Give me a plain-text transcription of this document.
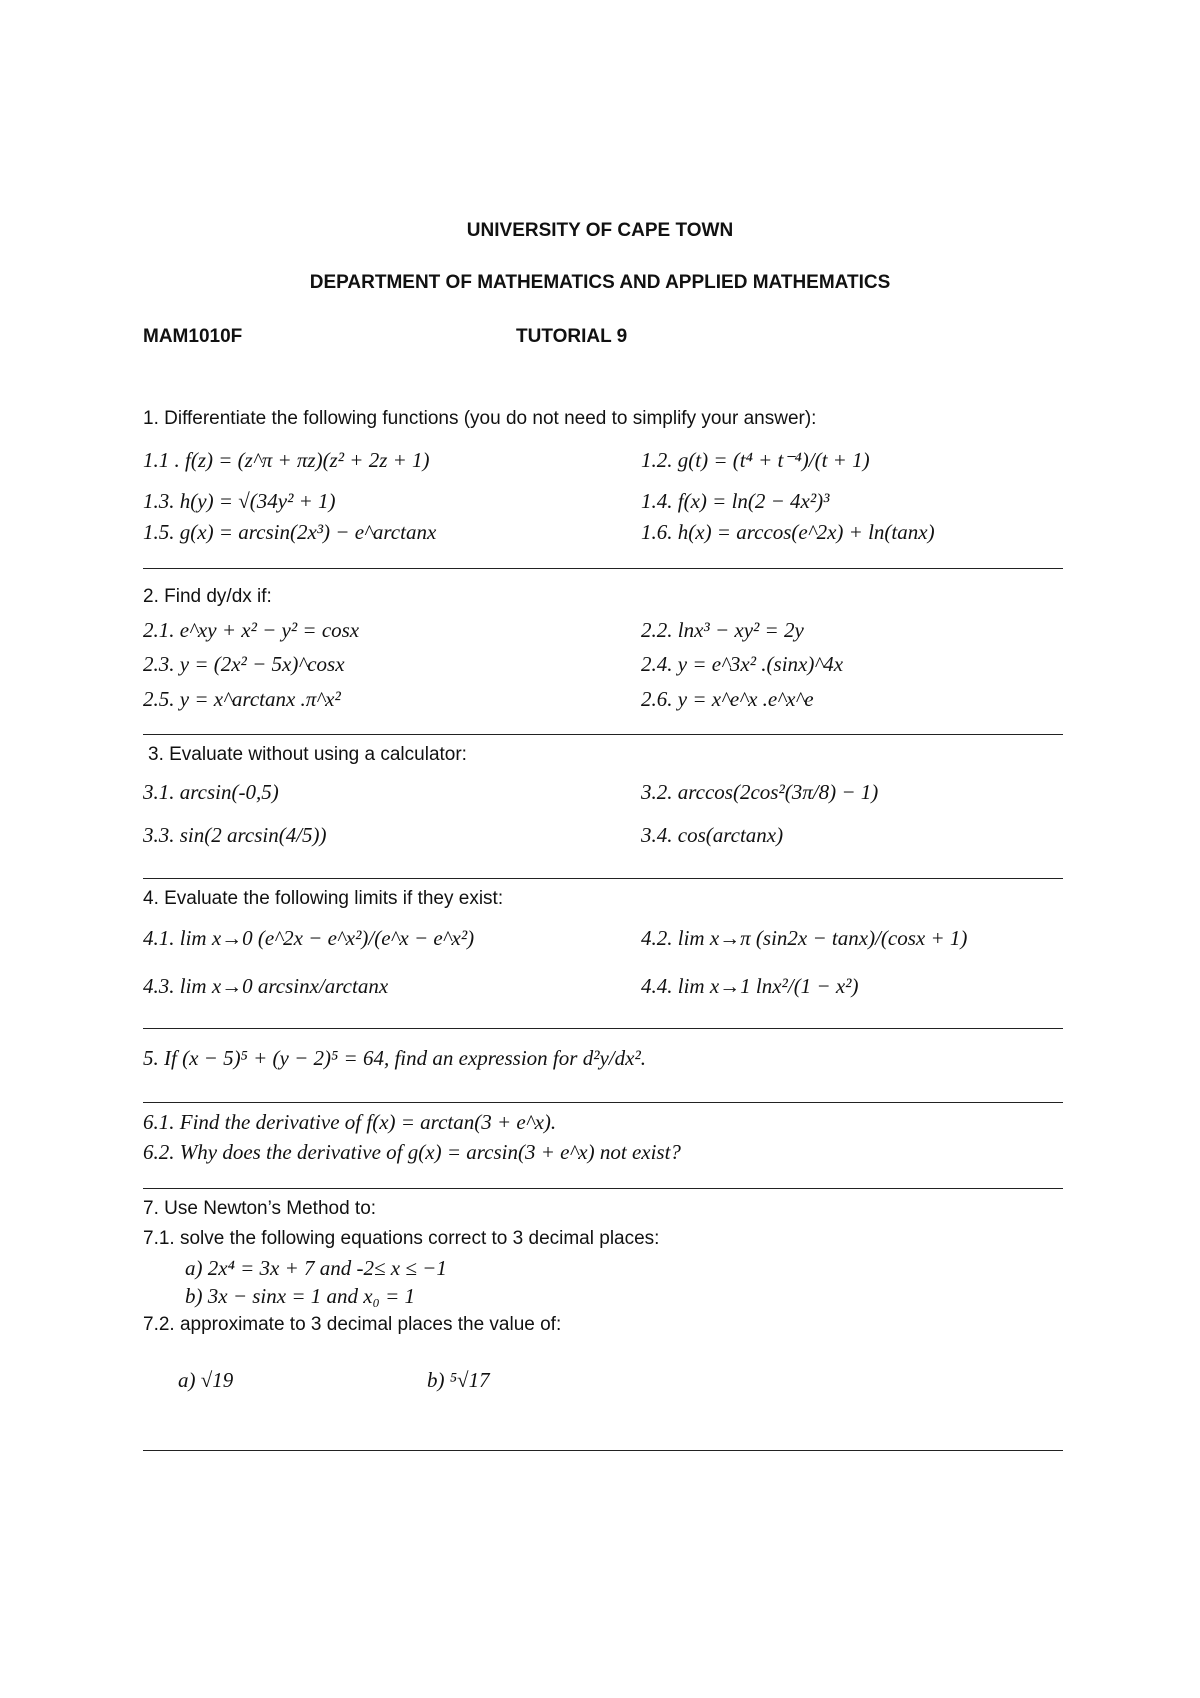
UNIVERSITY OF CAPE TOWN
DEPARTMENT OF MATHEMATICS AND APPLIED MATHEMATICS
MAM1010F	TUTORIAL 9
1. Differentiate the following functions (you do not need to simplify your answer):
1.1 . f(z) = (z^π + πz)(z² + 2z + 1)	1.2. g(t) = (t⁴ + t⁻⁴)/(t + 1)
1.3. h(y) = √(34y² + 1)	1.4. f(x) = ln(2 − 4x²)³
1.5. g(x) = arcsin(2x³) − e^arctanx	1.6. h(x) = arccos(e^2x) + ln(tanx)
2. Find dy/dx if:
2.1. e^xy + x² − y² = cosx	2.2. lnx³ − xy² = 2y
2.3. y = (2x² − 5x)^cosx	2.4. y = e^3x² .(sinx)^4x
2.5. y = x^arctanx .π^x²	2.6. y = x^e^x .e^x^e
3. Evaluate without using a calculator:
3.1. arcsin(-0,5)	3.2. arccos(2cos²(3π/8) − 1)
3.3. sin(2 arcsin(4/5))	3.4. cos(arctanx)
4. Evaluate the following limits if they exist:
4.1. lim x→0 (e^2x − e^x²)/(e^x − e^x²)	4.2. lim x→π (sin2x − tanx)/(cosx + 1)
4.3. lim x→0 arcsinx/arctanx	4.4. lim x→1 lnx²/(1 − x²)
5. If (x − 5)⁵ + (y − 2)⁵ = 64, find an expression for d²y/dx².
6.1. Find the derivative of f(x) = arctan(3 + e^x).
6.2. Why does the derivative of g(x) = arcsin(3 + e^x) not exist?
7. Use Newton’s Method to:
7.1. solve the following equations correct to 3 decimal places:
a) 2x⁴ = 3x + 7 and -2≤ x ≤ −1
b) 3x − sinx = 1 and x₀ = 1
7.2. approximate to 3 decimal places the value of:
a) √19	b) ⁵√17
